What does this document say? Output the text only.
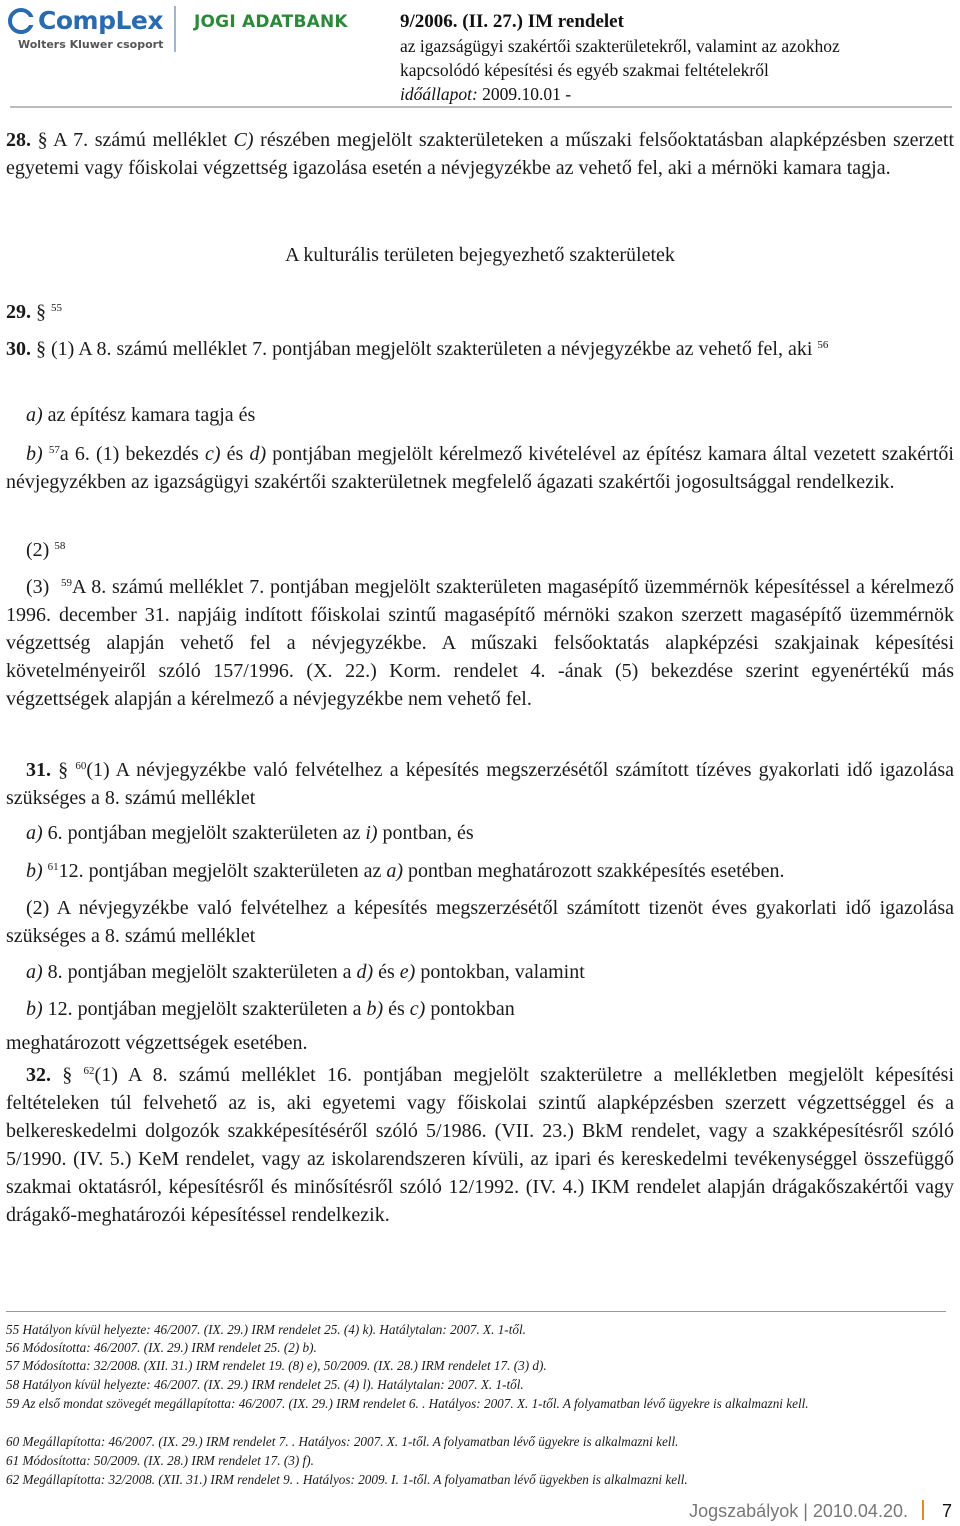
CompLex
Wolters Kluwer csoport
JOGI ADATBANK	9/2006. (II. 27.) IM rendelet
az igazságügyi szakértői szakterületekről, valamint az azokhoz
kapcsolódó képesítési és egyéb szakmai feltételekről
időállapot: 2009.10.01 -

28. § A 7. számú melléklet C) részében megjelölt szakterületeken a műszaki felsőoktatásban alapképzésben szerzett egyetemi vagy főiskolai végzettség igazolása esetén a névjegyzékbe az vehető fel, aki a mérnöki kamara tagja.

A kulturális területen bejegyezhető szakterületek

29. § $^{55}$

30. § (1) A 8. számú melléklet 7. pontjában megjelölt szakterületen a névjegyzékbe az vehető fel, aki $^{56}$

a) az építész kamara tagja és

b) $^{57}$a 6. (1) bekezdés c) és d) pontjában megjelölt kérelmező kivételével az építész kamara által vezetett szakértői névjegyzékben az igazságügyi szakértői szakterületnek megfelelő ágazati szakértői jogosultsággal rendelkezik.

(2) $^{58}$

(3) $^{59}$A 8. számú melléklet 7. pontjában megjelölt szakterületen magasépítő üzemmérnök képesítéssel a kérelmező 1996. december 31. napjáig indított főiskolai szintű magasépítő mérnöki szakon szerzett magasépítő üzemmérnök végzettség alapján vehető fel a névjegyzékbe. A műszaki felsőoktatás alapképzési szakjainak képesítési követelményeiről szóló 157/1996. (X. 22.) Korm. rendelet 4. -ának (5) bekezdése szerint egyenértékű más végzettségek alapján a kérelmező a névjegyzékbe nem vehető fel.

31. § $^{60}$(1) A névjegyzékbe való felvételhez a képesítés megszerzésétől számított tízéves gyakorlati idő igazolása szükséges a 8. számú melléklet

a) 6. pontjában megjelölt szakterületen az i) pontban, és

b) $^{61}$12. pontjában megjelölt szakterületen az a) pontban meghatározott szakképesítés esetében.

(2) A névjegyzékbe való felvételhez a képesítés megszerzésétől számított tizenöt éves gyakorlati idő igazolása szükséges a 8. számú melléklet

a) 8. pontjában megjelölt szakterületen a d) és e) pontokban, valamint

b) 12. pontjában megjelölt szakterületen a b) és c) pontokban

meghatározott végzettségek esetében.

32. § $^{62}$(1) A 8. számú melléklet 16. pontjában megjelölt szakterületre a mellékletben megjelölt képesítési feltételeken túl felvehető az is, aki egyetemi vagy főiskolai szintű alapképzésben szerzett végzettséggel és a belkereskedelmi dolgozók szakképesítéséről szóló 5/1986. (VII. 23.) BkM rendelet, vagy a szakképesítésről szóló 5/1990. (IV. 5.) KeM rendelet, vagy az iskolarendszeren kívüli, az ipari és kereskedelmi tevékenységgel összefüggő szakmai oktatásról, képesítésről és minősítésről szóló 12/1992. (IV. 4.) IKM rendelet alapján drágakőszakértői vagy drágakő-meghatározói képesítéssel rendelkezik.

55 Hatályon kívül helyezte: 46/2007. (IX. 29.) IRM rendelet 25. (4) k). Hatálytalan: 2007. X. 1-től.

56 Módosította: 46/2007. (IX. 29.) IRM rendelet 25. (2) b).

57 Módosította: 32/2008. (XII. 31.) IRM rendelet 19. (8) e), 50/2009. (IX. 28.) IRM rendelet 17. (3) d).

58 Hatályon kívül helyezte: 46/2007. (IX. 29.) IRM rendelet 25. (4) l). Hatálytalan: 2007. X. 1-től.

59 Az első mondat szövegét megállapította: 46/2007. (IX. 29.) IRM rendelet 6. . Hatályos: 2007. X. 1-től. A folyamatban lévő ügyekre is alkalmazni kell.

60 Megállapította: 46/2007. (IX. 29.) IRM rendelet 7. . Hatályos: 2007. X. 1-től. A folyamatban lévő ügyekre is alkalmazni kell.

61 Módosította: 50/2009. (IX. 28.) IRM rendelet 17. (3) f).

62 Megállapította: 32/2008. (XII. 31.) IRM rendelet 9. . Hatályos: 2009. I. 1-től. A folyamatban lévő ügyekben is alkalmazni kell.

Jogszabályok | 2010.04.20. 7
